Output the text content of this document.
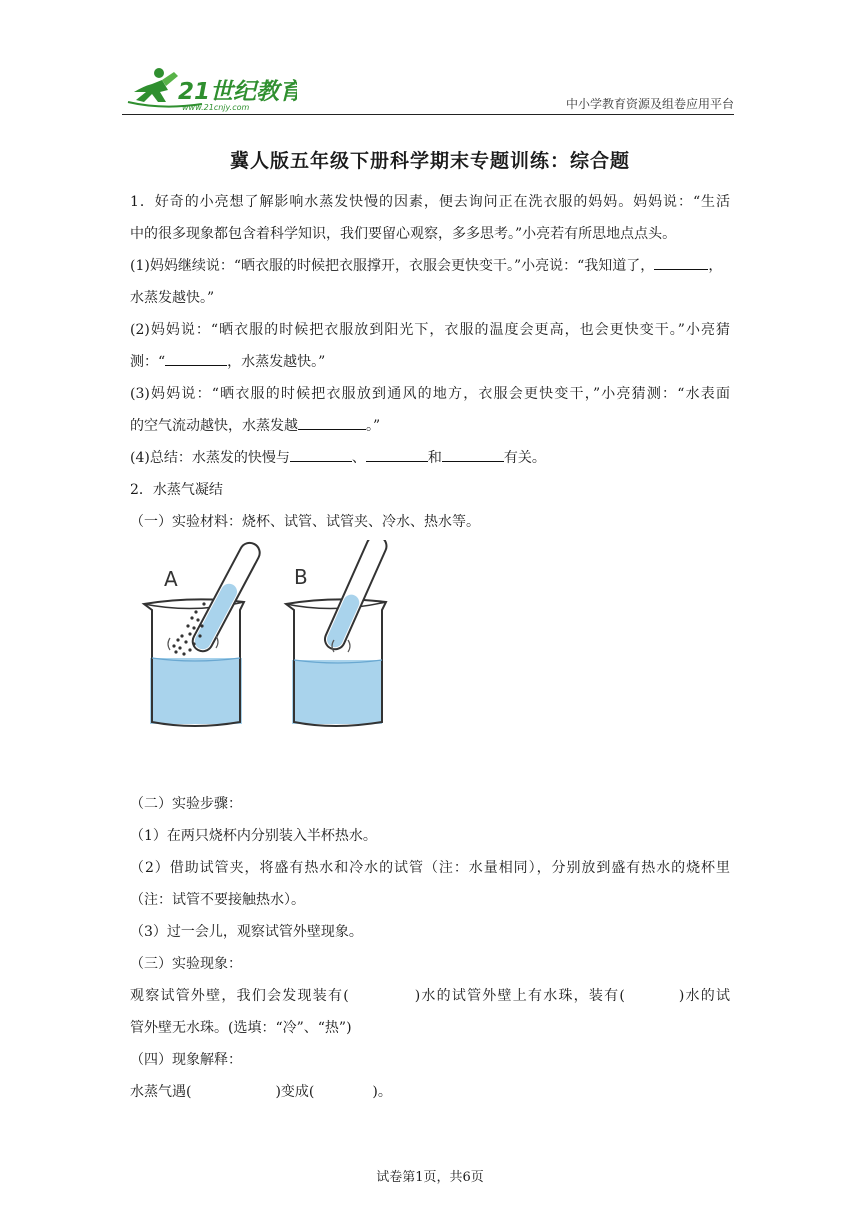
21世纪教育
www.21cnjy.com	中小学教育资源及组卷应用平台
冀人版五年级下册科学期末专题训练：综合题

1．好奇的小亮想了解影响水蒸发快慢的因素，便去询问正在洗衣服的妈妈。妈妈说：“生活

中的很多现象都包含着科学知识，我们要留心观察，多多思考。”小亮若有所思地点点头。

(1)妈妈继续说：“晒衣服的时候把衣服撑开，衣服会更快变干。”小亮说：“我知道了，	，

水蒸发越快。”

(2)妈妈说：“晒衣服的时候把衣服放到阳光下，衣服的温度会更高，也会更快变干。”小亮猜

测：“	，水蒸发越快。”

(3)妈妈说：“晒衣服的时候把衣服放到通风的地方，衣服会更快变干，”小亮猜测：“水表面

的空气流动越快，水蒸发越	。”

(4)总结：水蒸发的快慢与	、	和	有关。

2．水蒸气凝结

（一）实验材料：烧杯、试管、试管夹、冷水、热水等。

A	B

（二）实验步骤：

（1）在两只烧杯内分别装入半杯热水。

（2）借助试管夹，将盛有热水和冷水的试管（注：水量相同），分别放到盛有热水的烧杯里

（注：试管不要接触热水）。

（3）过一会儿，观察试管外壁现象。

（三）实验现象：

观察试管外壁，我们会发现装有(	)水的试管外壁上有水珠，装有(	)水的试

管外壁无水珠。(选填：“冷”、“热”)

（四）现象解释：

水蒸气遇(	)变成(	)。

试卷第1页，共6页
